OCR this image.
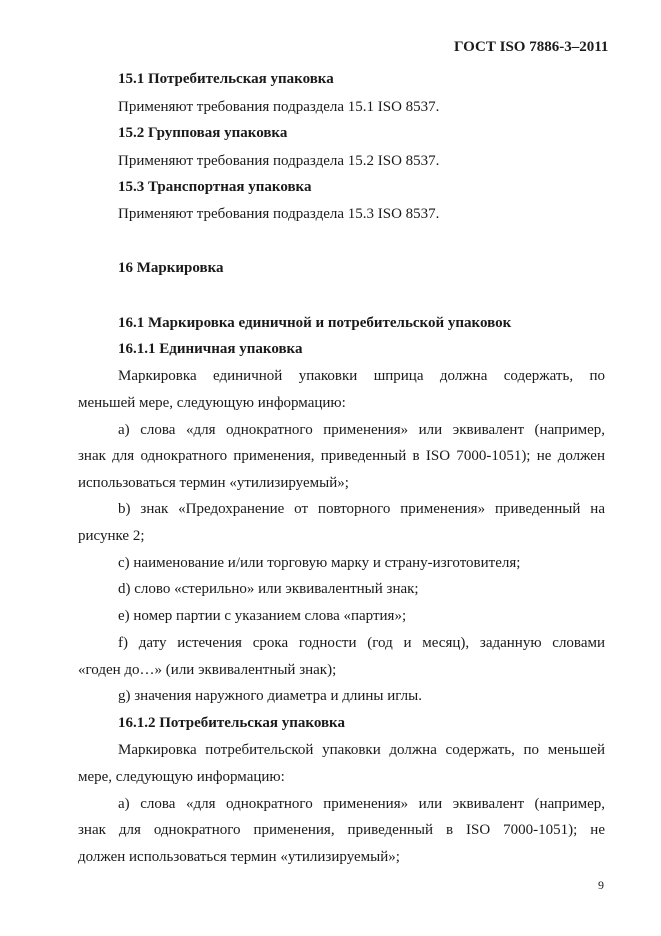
ГОСТ ISO 7886-3–2011
15.1 Потребительская упаковка
Применяют требования подраздела 15.1 ISO 8537.
15.2 Групповая упаковка
Применяют требования подраздела 15.2 ISO 8537.
15.3 Транспортная упаковка
Применяют требования подраздела 15.3 ISO 8537.
16 Маркировка
16.1 Маркировка единичной и потребительской упаковок
16.1.1 Единичная упаковка
Маркировка единичной упаковки шприца должна содержать, по
меньшей мере, следующую информацию:
а) слова «для однократного применения» или эквивалент (например,
знак для однократного применения, приведенный в ISO 7000-1051); не должен
использоваться термин «утилизируемый»;
b) знак «Предохранение от повторного применения» приведенный на
рисунке 2;
с) наименование и/или торговую марку и страну-изготовителя;
d) слово «стерильно» или эквивалентный знак;
е) номер партии с указанием слова «партия»;
f) дату истечения срока годности (год и месяц), заданную словами
«годен до…» (или эквивалентный знак);
g) значения наружного диаметра и длины иглы.
16.1.2 Потребительская упаковка
Маркировка потребительской упаковки должна содержать, по меньшей
мере, следующую информацию:
а) слова «для однократного применения» или эквивалент (например,
знак для однократного применения, приведенный в ISO 7000-1051); не
должен использоваться термин «утилизируемый»;
9
